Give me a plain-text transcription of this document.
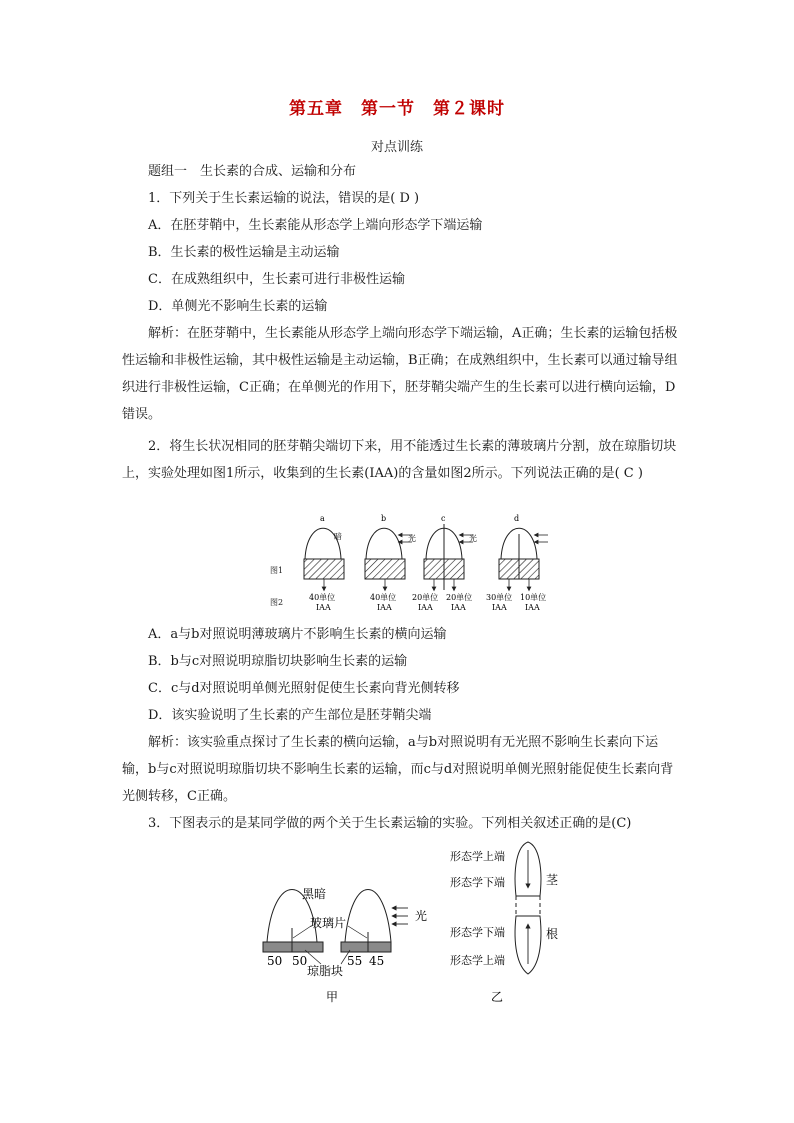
第五章　第一节　第２课时
对点训练
题组一　生长素的合成、运输和分布
1．下列关于生长素运输的说法，错误的是( D )
A．在胚芽鞘中，生长素能从形态学上端向形态学下端运输
B．生长素的极性运输是主动运输
C．在成熟组织中，生长素可进行非极性运输
D．单侧光不影响生长素的运输
解析：在胚芽鞘中，生长素能从形态学上端向形态学下端运输，A正确；生长素的运输包括极性运输和非极性运输，其中极性运输是主动运输，B正确；在成熟组织中，生长素可以通过输导组织进行非极性运输，C正确；在单侧光的作用下，胚芽鞘尖端产生的生长素可以进行横向运输，D错误。
2．将生长状况相同的胚芽鞘尖端切下来，用不能透过生长素的薄玻璃片分割，放在琼脂切块上，实验处理如图1所示，收集到的生长素(IAA)的含量如图2所示。下列说法正确的是( C )
图1
图2
a
暗
40单位
IAA
b
光
40单位
IAA
c
光
20单位 20单位
IAA IAA
d
30单位 10单位
IAA IAA
A．a与b对照说明薄玻璃片不影响生长素的横向运输
B．b与c对照说明琼脂切块影响生长素的运输
C．c与d对照说明单侧光照射促使生长素向背光侧转移
D．该实验说明了生长素的产生部位是胚芽鞘尖端
解析：该实验重点探讨了生长素的横向运输，a与b对照说明有无光照不影响生长素向下运输，b与c对照说明琼脂切块不影响生长素的运输，而c与d对照说明单侧光照射能促使生长素向背光侧转移，C正确。
3．下图表示的是某同学做的两个关于生长素运输的实验。下列相关叙述正确的是(C)
光
黑暗
玻璃片
琼脂块
50 50	55 45
甲
形态学上端
形态学下端	茎
形态学下端	根
形态学上端
乙
